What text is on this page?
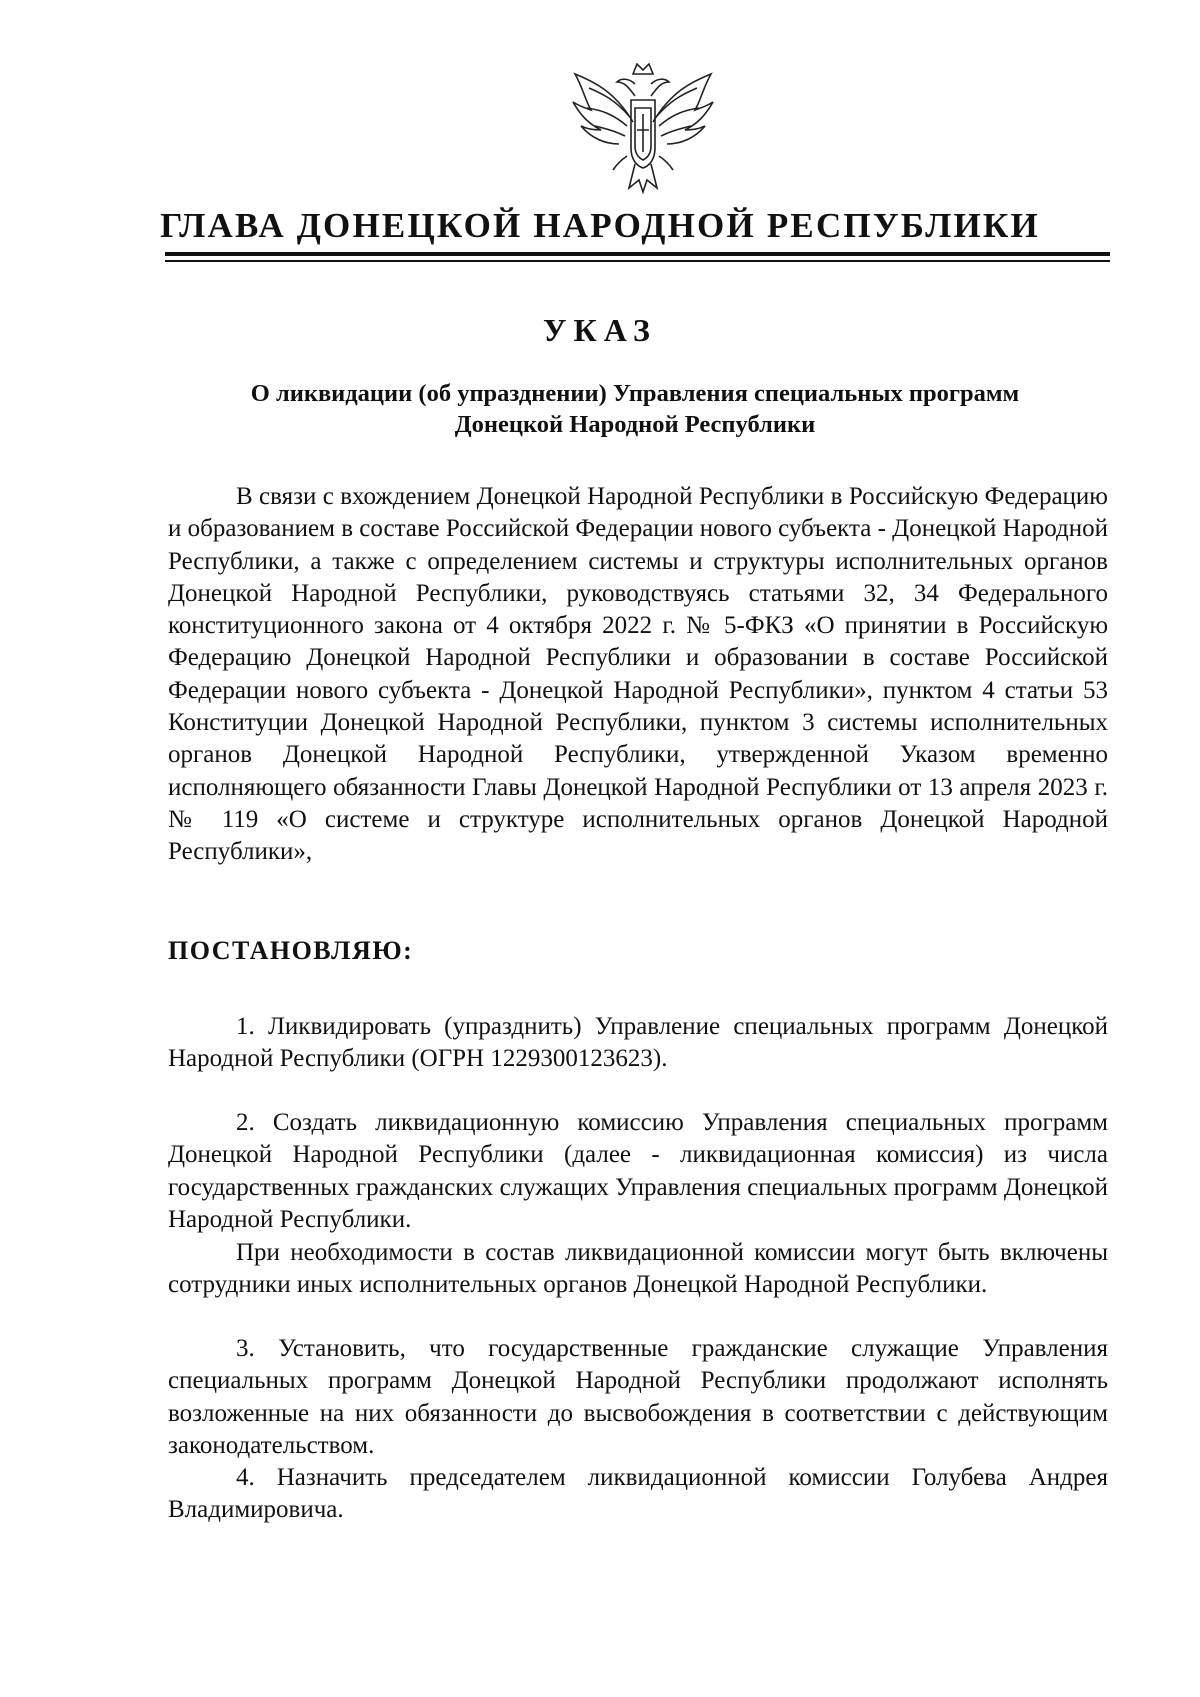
ГЛАВА ДОНЕЦКОЙ НАРОДНОЙ РЕСПУБЛИКИ
УКАЗ
О ликвидации (об упразднении) Управления специальных программ
Донецкой Народной Республики

В связи с вхождением Донецкой Народной Республики в Российскую Федерацию и образованием в составе Российской Федерации нового субъекта - Донецкой Народной Республики, а также с определением системы и структуры исполнительных органов Донецкой Народной Республики, руководствуясь статьями 32, 34 Федерального конституционного закона от 4 октября 2022 г. № 5-ФКЗ «О принятии в Российскую Федерацию Донецкой Народной Республики и образовании в составе Российской Федерации нового субъекта - Донецкой Народной Республики», пунктом 4 статьи 53 Конституции Донецкой Народной Республики, пунктом 3 системы исполнительных органов Донецкой Народной Республики, утвержденной Указом временно исполняющего обязанности Главы Донецкой Народной Республики от 13 апреля 2023 г. № 119 «О системе и структуре исполнительных органов Донецкой Народной Республики»,

ПОСТАНОВЛЯЮ:

1. Ликвидировать (упразднить) Управление специальных программ Донецкой Народной Республики (ОГРН 1229300123623).

2. Создать ликвидационную комиссию Управления специальных программ Донецкой Народной Республики (далее - ликвидационная комиссия) из числа государственных гражданских служащих Управления специальных программ Донецкой Народной Республики.

При необходимости в состав ликвидационной комиссии могут быть включены сотрудники иных исполнительных органов Донецкой Народной Республики.

3. Установить, что государственные гражданские служащие Управления специальных программ Донецкой Народной Республики продолжают исполнять возложенные на них обязанности до высвобождения в соответствии с действующим законодательством.

4. Назначить председателем ликвидационной комиссии Голубева Андрея Владимировича.
